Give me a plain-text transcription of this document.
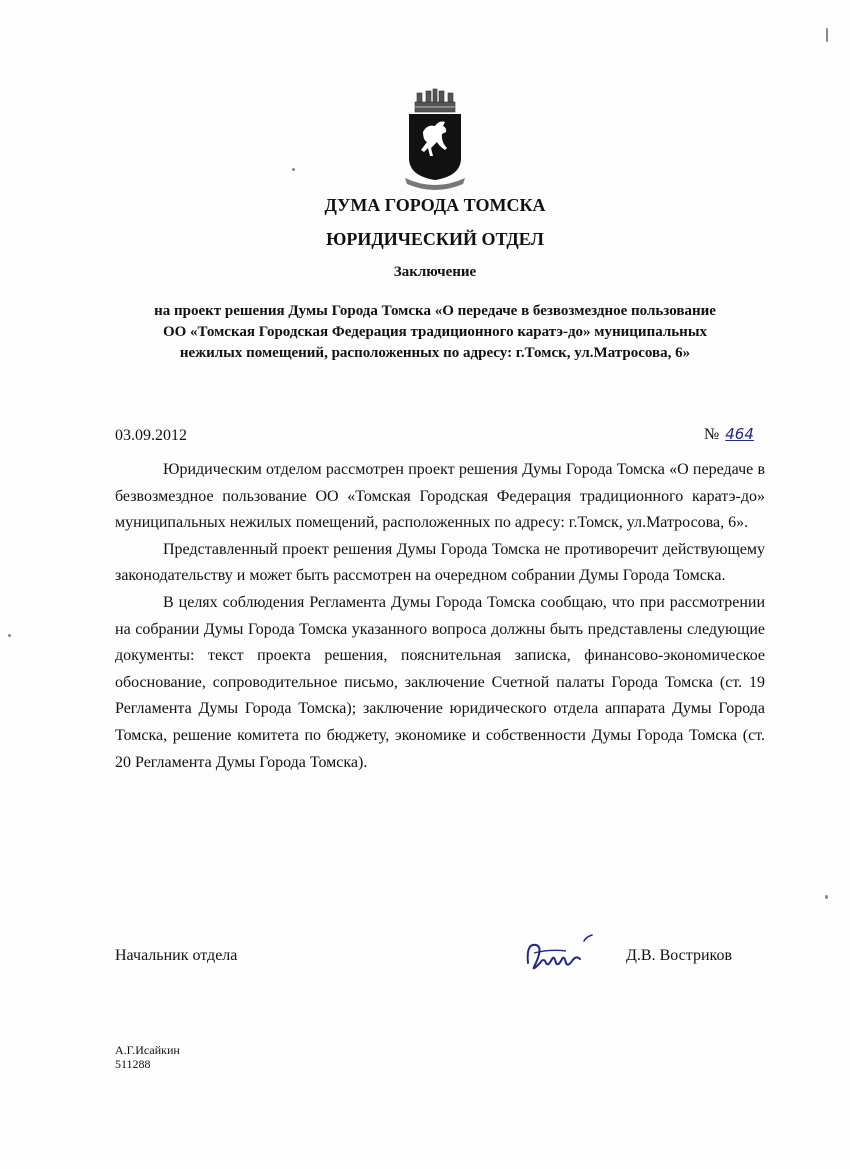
ДУМА ГОРОДА ТОМСКА
ЮРИДИЧЕСКИЙ ОТДЕЛ
Заключение
на проект решения Думы Города Томска «О передаче в безвозмездное пользование
ОО «Томская Городская Федерация традиционного каратэ-до» муниципальных
нежилых помещений, расположенных по адресу: г.Томск, ул.Матросова, 6»
03.09.2012	№ 464

Юридическим отделом рассмотрен проект решения Думы Города Томска «О передаче в безвозмездное пользование ОО «Томская Городская Федерация традиционного каратэ-до» муниципальных нежилых помещений, расположенных по адресу: г.Томск, ул.Матросова, 6».

Представленный проект решения Думы Города Томска не противоречит действующему законодательству и может быть рассмотрен на очередном собрании Думы Города Томска.

В целях соблюдения Регламента Думы Города Томска сообщаю, что при рассмотрении на собрании Думы Города Томска указанного вопроса должны быть представлены следующие документы: текст проекта решения, пояснительная записка, финансово-экономическое обоснование, сопроводительное письмо, заключение Счетной палаты Города Томска (ст. 19 Регламента Думы Города Томска); заключение юридического отдела аппарата Думы Города Томска, решение комитета по бюджету, экономике и собственности Думы Города Томска (ст. 20 Регламента Думы Города Томска).

Начальник отдела	Д.В. Востриков
А.Г.Исайкин
511288
